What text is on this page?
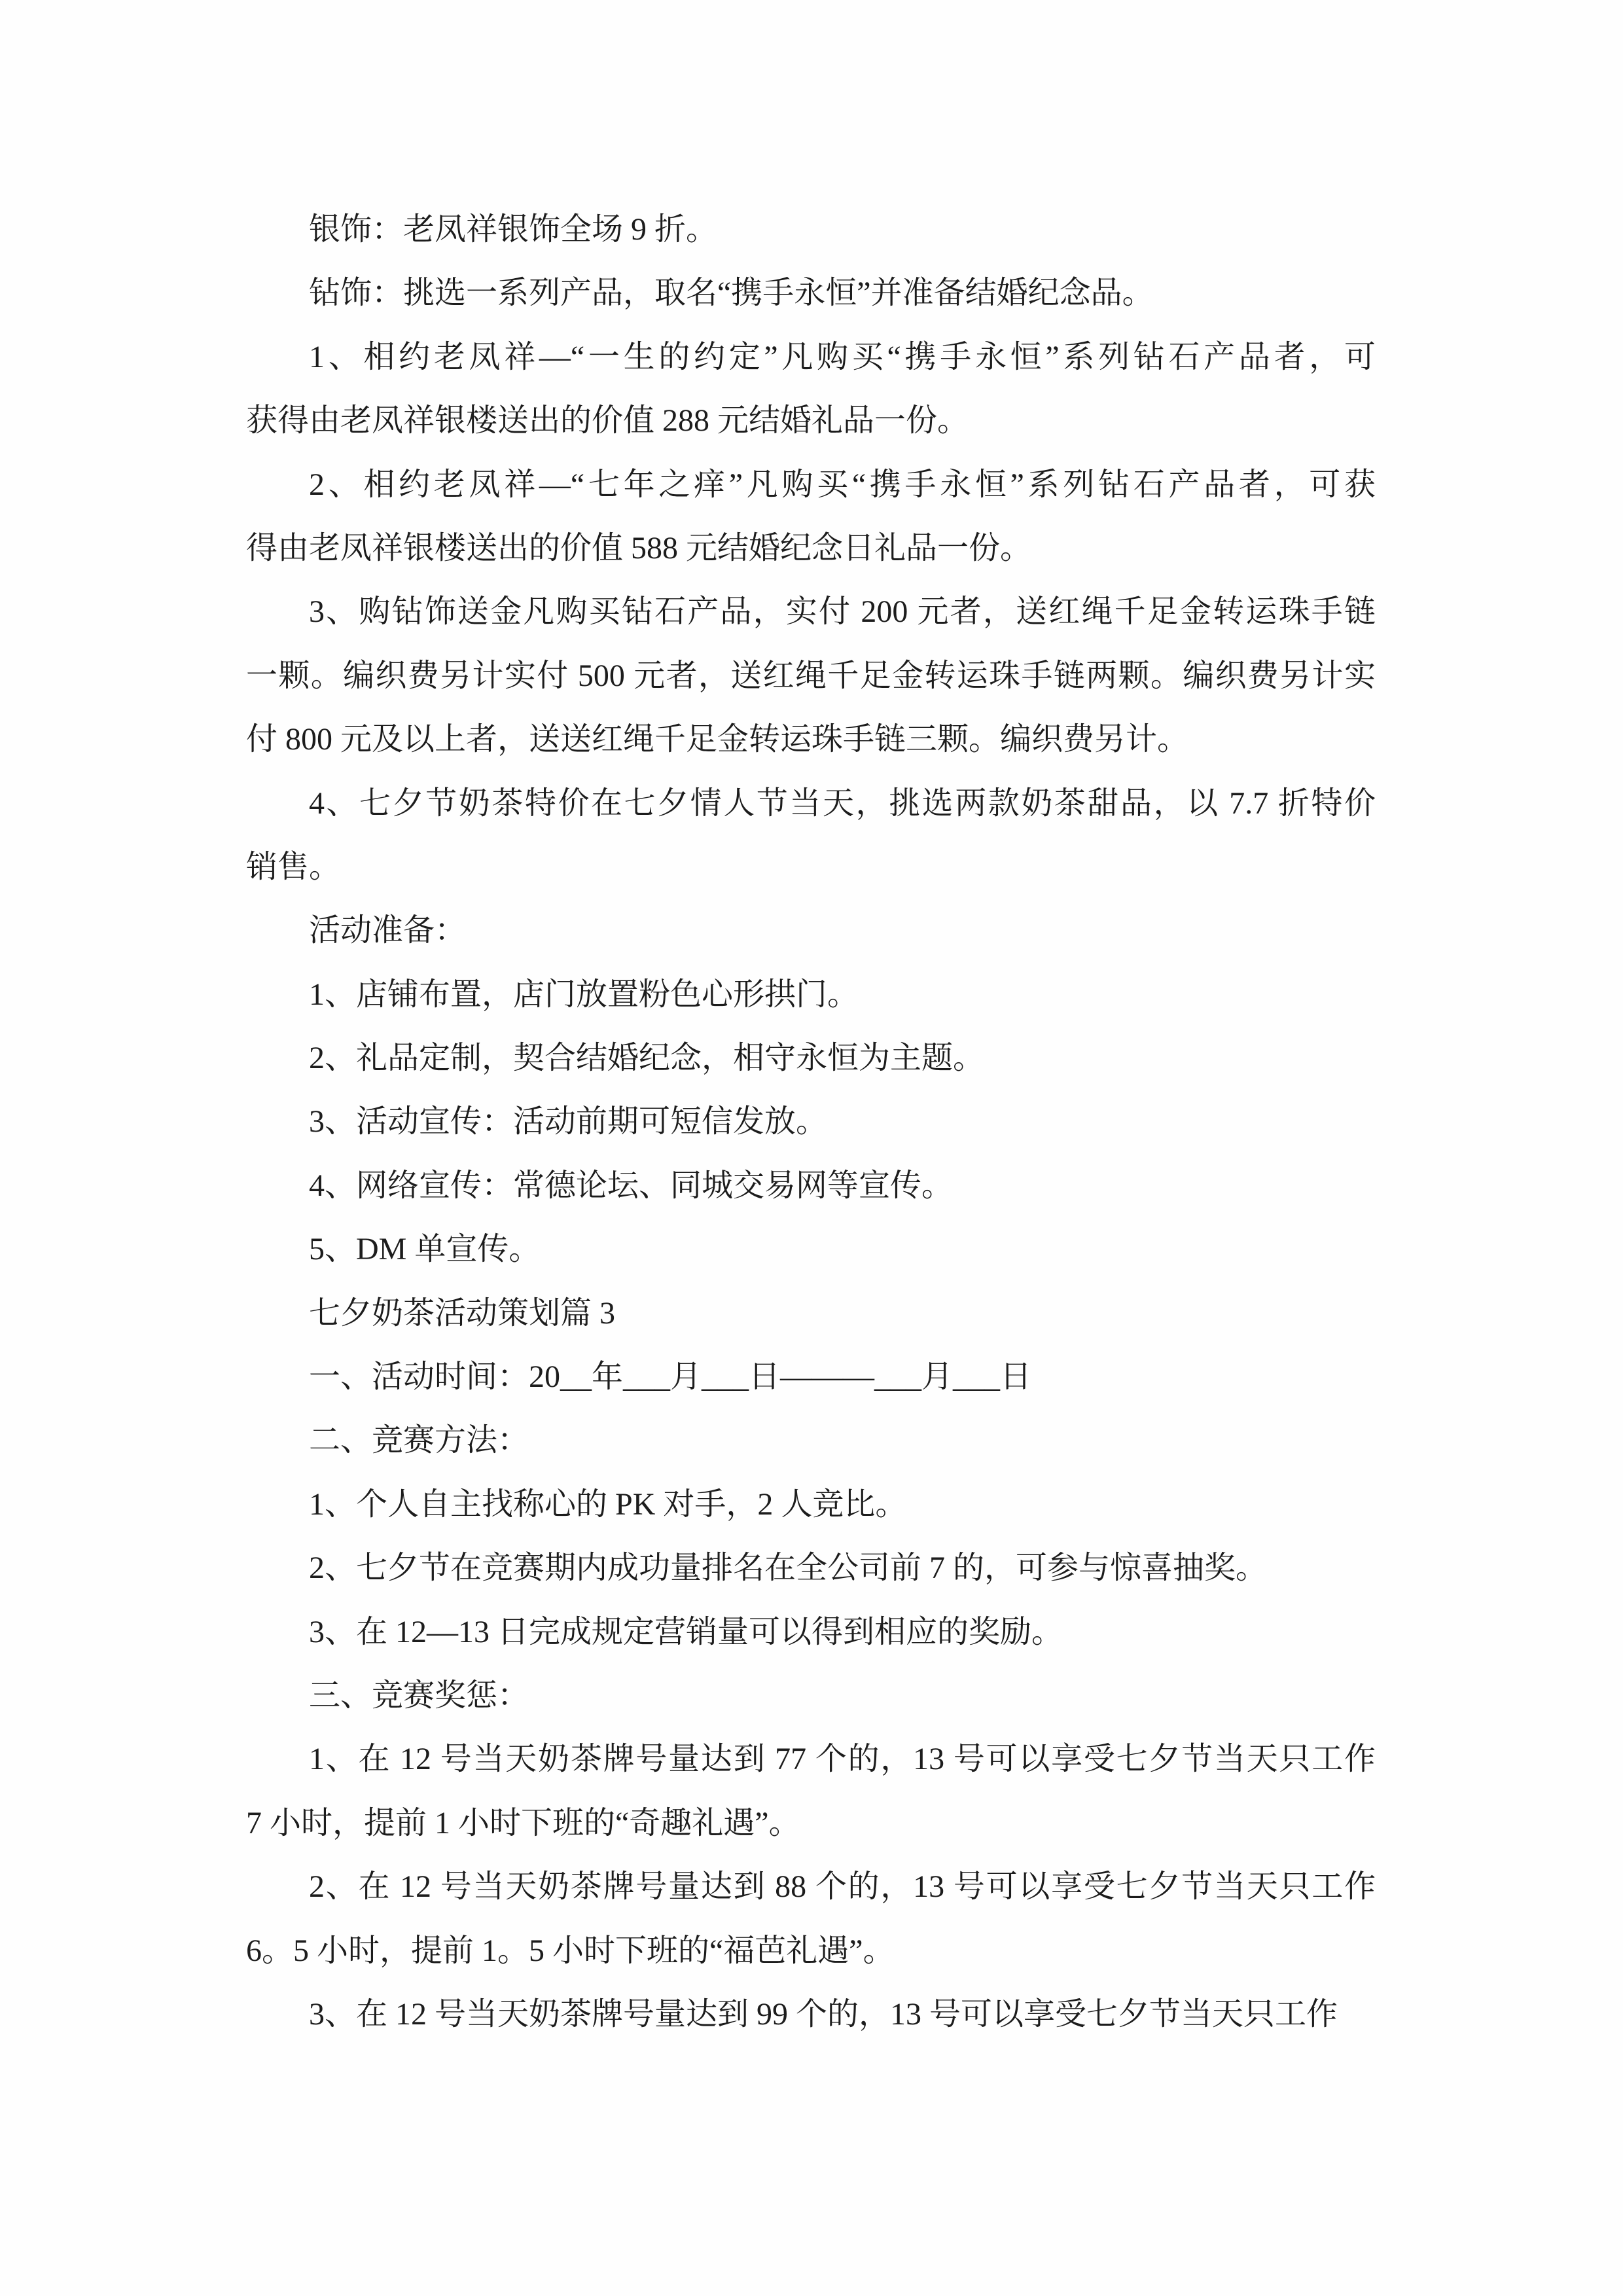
银饰：老凤祥银饰全场 9 折。
钻饰：挑选一系列产品，取名“携手永恒”并准备结婚纪念品。
1、相约老凤祥—“一生的约定”凡购买“携手永恒”系列钻石产品者，可
获得由老凤祥银楼送出的价值 288 元结婚礼品一份。
2、相约老凤祥—“七年之痒”凡购买“携手永恒”系列钻石产品者，可获
得由老凤祥银楼送出的价值 588 元结婚纪念日礼品一份。
3、购钻饰送金凡购买钻石产品，实付 200 元者，送红绳千足金转运珠手链
一颗。编织费另计实付 500 元者，送红绳千足金转运珠手链两颗。编织费另计实
付 800 元及以上者，送送红绳千足金转运珠手链三颗。编织费另计。
4、七夕节奶茶特价在七夕情人节当天，挑选两款奶茶甜品，以 7.7 折特价
销售。
活动准备：
1、店铺布置，店门放置粉色心形拱门。
2、礼品定制，契合结婚纪念，相守永恒为主题。
3、活动宣传：活动前期可短信发放。
4、网络宣传：常德论坛、同城交易网等宣传。
5、DM 单宣传。
七夕奶茶活动策划篇 3
一、活动时间：20__年___月___日———___月___日
二、竞赛方法：
1、个人自主找称心的 PK 对手，2 人竞比。
2、七夕节在竞赛期内成功量排名在全公司前 7 的，可参与惊喜抽奖。
3、在 12—13 日完成规定营销量可以得到相应的奖励。
三、竞赛奖惩：
1、在 12 号当天奶茶牌号量达到 77 个的，13 号可以享受七夕节当天只工作
7 小时，提前 1 小时下班的“奇趣礼遇”。
2、在 12 号当天奶茶牌号量达到 88 个的，13 号可以享受七夕节当天只工作
6。5 小时，提前 1。5 小时下班的“福芭礼遇”。
3、在 12 号当天奶茶牌号量达到 99 个的，13 号可以享受七夕节当天只工作
